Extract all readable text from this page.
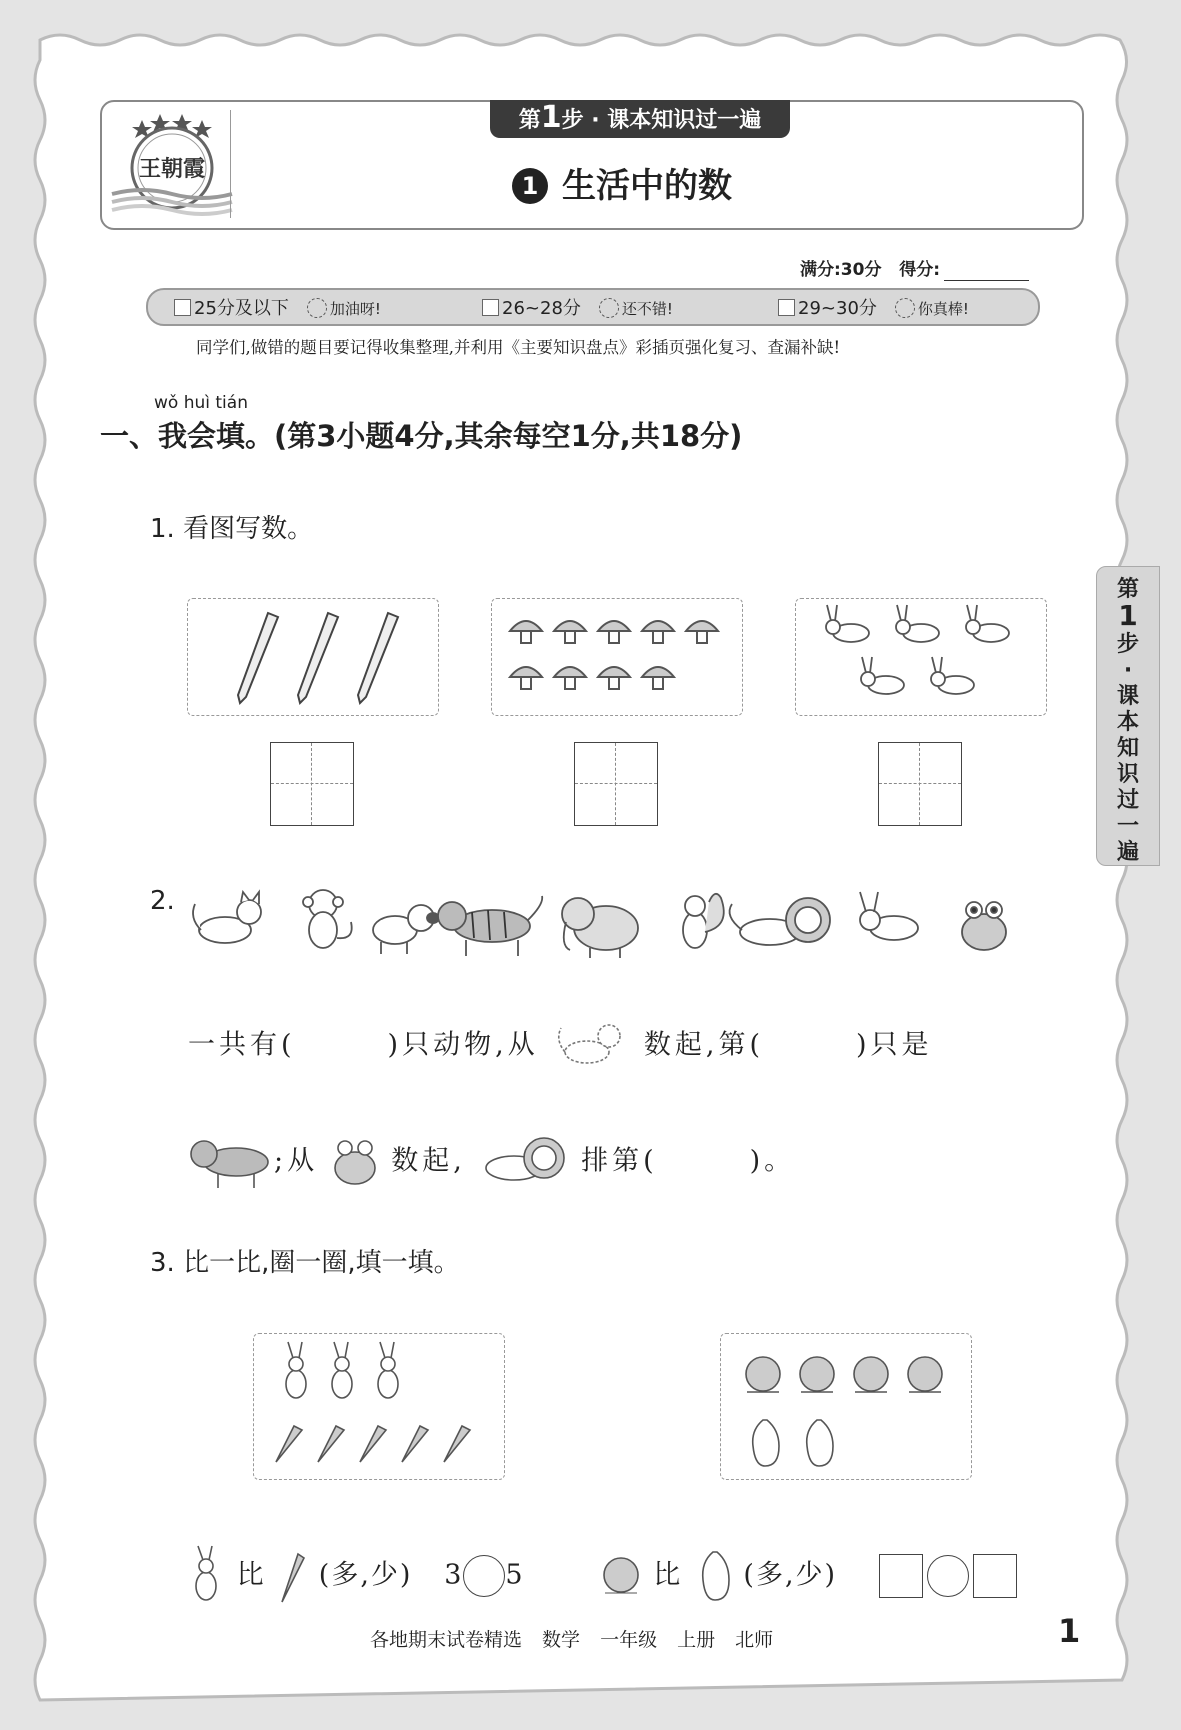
王朝霞
第1步 · 课本知识过一遍
1 生活中的数
满分:30分 得分:
25分及以下	加油呀!	26~28分	还不错!	29~30分	你真棒!
同学们,做错的题目要记得收集整理,并利用《主要知识盘点》彩插页强化复习、查漏补缺!
wǒ huì tián
一、我会填。(第3小题4分,其余每空1分,共18分)
1. 看图写数。
2.
一共有(	)只动物,从	数起,第(	)只是
;从	数起,	排第(	)。
3. 比一比,圈一圈,填一填。
比 (多,少) 3 5	比 (多,少)
第
1
步
·
课
本
知
识
过
一
遍
各地期末试卷精选 数学 一年级 上册 北师	1
